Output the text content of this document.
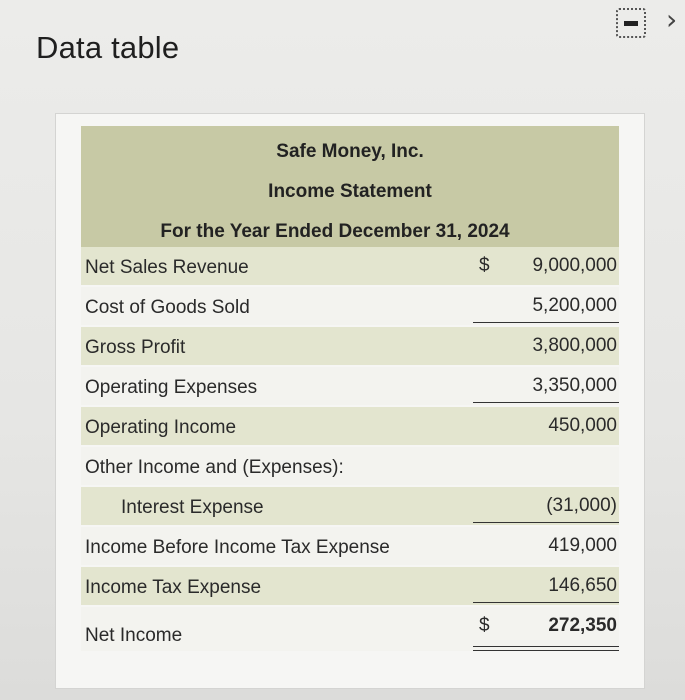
Data table
›
Safe Money, Inc.
Income Statement
For the Year Ended December 31, 2024
Net Sales Revenue	$ 9,000,000
Cost of Goods Sold	5,200,000
Gross Profit	3,800,000
Operating Expenses	3,350,000
Operating Income	450,000
Other Income and (Expenses):
Interest Expense	(31,000)
Income Before Income Tax Expense	419,000
Income Tax Expense	146,650
Net Income	$	272,350
